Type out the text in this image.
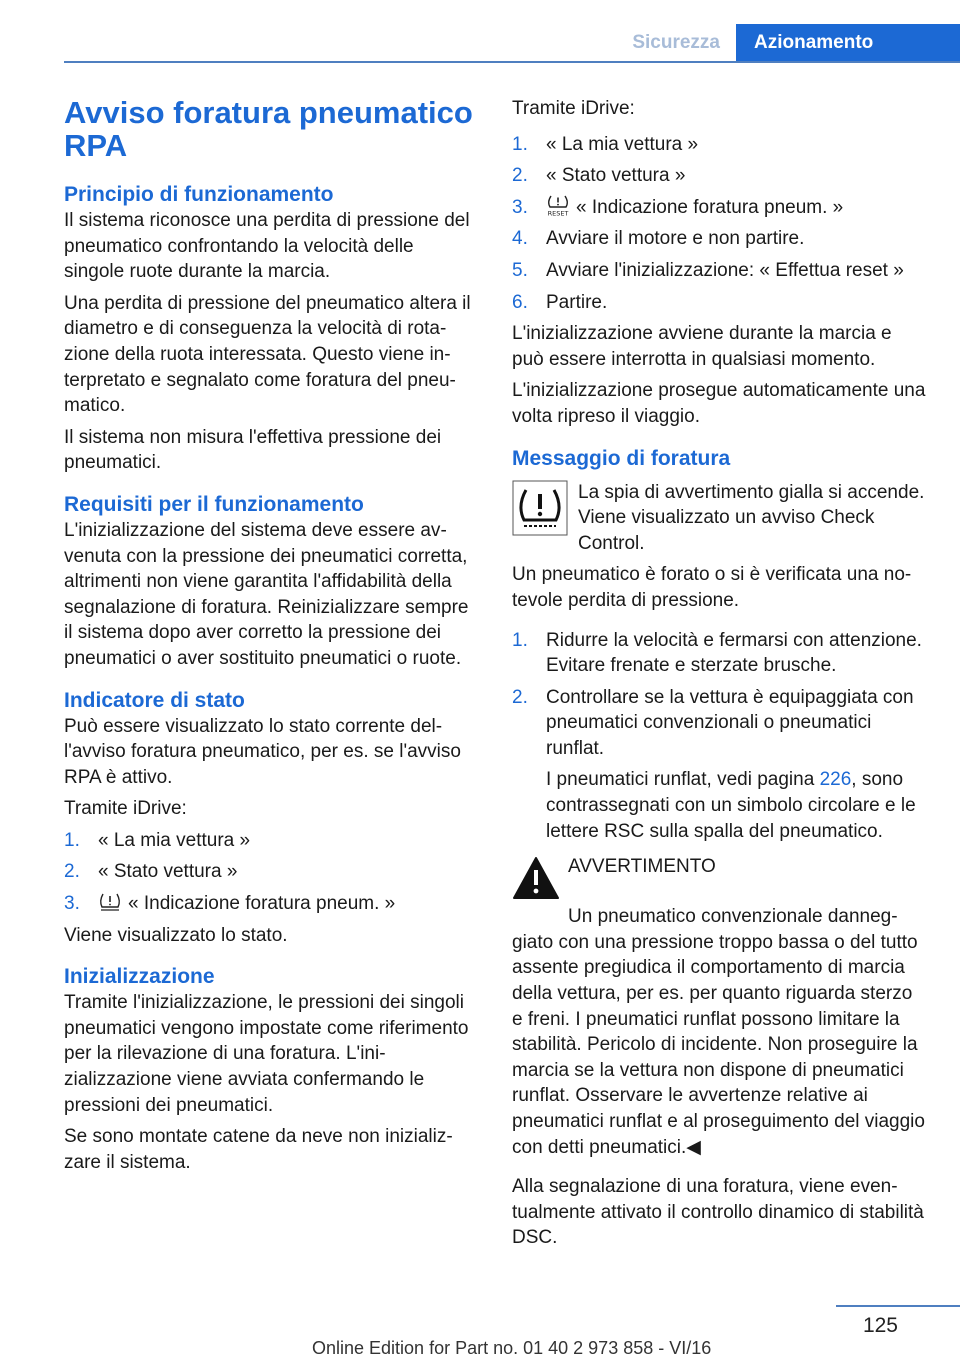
Sicurezza	Azionamento
Avviso foratura pneumatico RPA
Principio di funzionamento

Il sistema riconosce una perdita di pressione del pneumatico confrontando la velocità delle singole ruote durante la marcia.

Una perdita di pressione del pneumatico altera il diametro e di conseguenza la velocità di rotazione della ruota interessata. Questo viene interpretato e segnalato come foratura del pneumatico.

Il sistema non misura l'effettiva pressione dei pneumatici.

Requisiti per il funzionamento

L'inizializzazione del sistema deve essere avvenuta con la pressione dei pneumatici corretta, altrimenti non viene garantita l'affidabilità della segnalazione di foratura. Reinizializzare sempre il sistema dopo aver corretto la pressione dei pneumatici o aver sostituito pneumatici o ruote.

Indicatore di stato

Può essere visualizzato lo stato corrente dell'avviso foratura pneumatico, per es. se l'avviso RPA è attivo.

Tramite iDrive:

1. « La mia vettura »
2. « Stato vettura »
3.	« Indicazione foratura pneum. »

Viene visualizzato lo stato.

Inizializzazione

Tramite l'inizializzazione, le pressioni dei singoli pneumatici vengono impostate come riferimento per la rilevazione di una foratura. L'inizializzazione viene avviata confermando le pressioni dei pneumatici.

Se sono montate catene da neve non inizializzare il sistema.

Tramite iDrive:

1. « La mia vettura »
2. « Stato vettura »
3.	RESET « Indicazione foratura pneum. »
4. Avviare il motore e non partire.
5. Avviare l'inizializzazione: « Effettua reset »
6. Partire.

L'inizializzazione avviene durante la marcia e può essere interrotta in qualsiasi momento.

L'inizializzazione prosegue automaticamente una volta ripreso il viaggio.

Messaggio di foratura

La spia di avvertimento gialla si accende. Viene visualizzato un avviso Check Control.

Un pneumatico è forato o si è verificata una notevole perdita di pressione.

1. Ridurre la velocità e fermarsi con attenzione. Evitare frenate e sterzate brusche.
2. Controllare se la vettura è equipaggiata con pneumatici convenzionali o pneumatici runflat.

I pneumatici runflat, vedi pagina 226, sono contrassegnati con un simbolo circolare e le lettere RSC sulla spalla del pneumatico.

AVVERTIMENTO

Un pneumatico convenzionale danneggiato con una pressione troppo bassa o del tutto assente pregiudica il comportamento di marcia della vettura, per es. per quanto riguarda sterzo e freni. I pneumatici runflat possono limitare la stabilità. Pericolo di incidente. Non proseguire la marcia se la vettura non dispone di pneumatici runflat. Osservare le avvertenze relative ai pneumatici runflat e al proseguimento del viaggio con detti pneumatici.◀

Alla segnalazione di una foratura, viene eventualmente attivato il controllo dinamico di stabilità DSC.

125
Online Edition for Part no. 01 40 2 973 858 - VI/16
